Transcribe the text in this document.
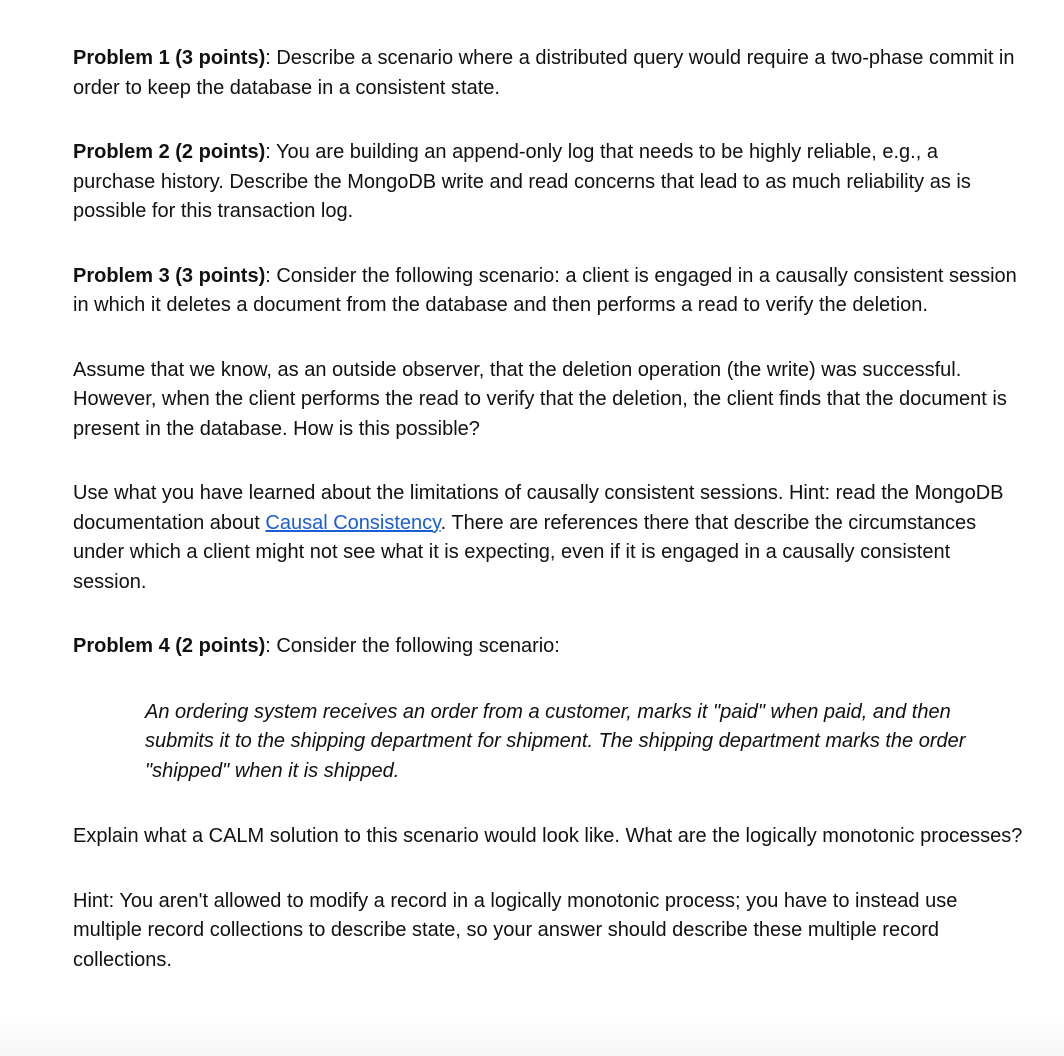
Problem 1 (3 points): Describe a scenario where a distributed query would require a two-phase commit in order to keep the database in a consistent state.

Problem 2 (2 points): You are building an append-only log that needs to be highly reliable, e.g., a purchase history. Describe the MongoDB write and read concerns that lead to as much reliability as is possible for this transaction log.

Problem 3 (3 points): Consider the following scenario: a client is engaged in a causally consistent session in which it deletes a document from the database and then performs a read to verify the deletion.

Assume that we know, as an outside observer, that the deletion operation (the write) was successful. However, when the client performs the read to verify that the deletion, the client finds that the document is present in the database. How is this possible?

Use what you have learned about the limitations of causally consistent sessions. Hint: read the MongoDB documentation about Causal Consistency. There are references there that describe the circumstances under which a client might not see what it is expecting, even if it is engaged in a causally consistent session.

Problem 4 (2 points): Consider the following scenario:

An ordering system receives an order from a customer, marks it "paid" when paid, and then submits it to the shipping department for shipment. The shipping department marks the order "shipped" when it is shipped.

Explain what a CALM solution to this scenario would look like. What are the logically monotonic processes?

Hint: You aren't allowed to modify a record in a logically monotonic process; you have to instead use multiple record collections to describe state, so your answer should describe these multiple record collections.
